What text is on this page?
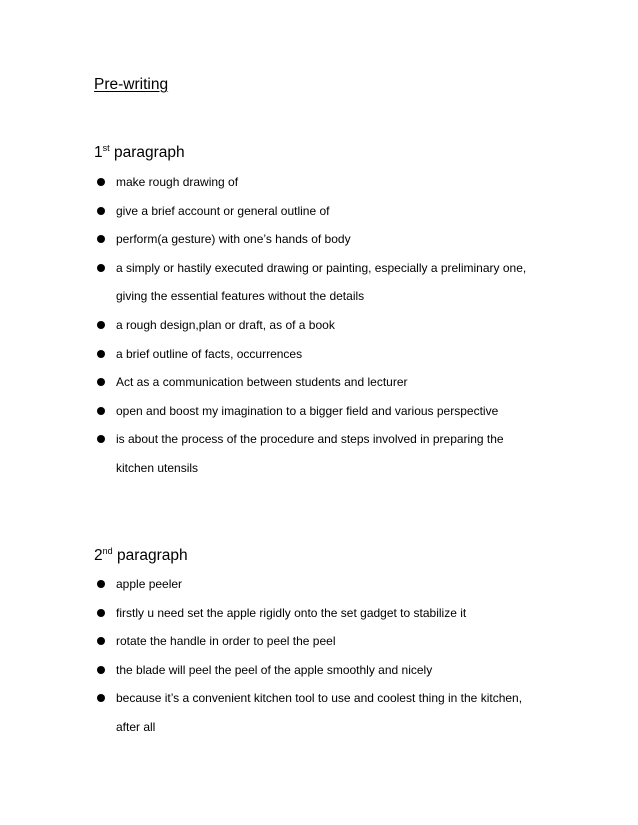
Pre-writing
1st paragraph
make rough drawing of
give a brief account or general outline of
perform(a gesture) with one’s hands of body
a simply or hastily executed drawing or painting, especially a preliminary one,
giving the essential features without the details
a rough design,plan or draft, as of a book
a brief outline of facts, occurrences
Act as a communication between students and lecturer
open and boost my imagination to a bigger field and various perspective
is about the process of the procedure and steps involved in preparing the
kitchen utensils
2nd paragraph
apple peeler
firstly u need set the apple rigidly onto the set gadget to stabilize it
rotate the handle in order to peel the peel
the blade will peel the peel of the apple smoothly and nicely
because it’s a convenient kitchen tool to use and coolest thing in the kitchen,
after all
